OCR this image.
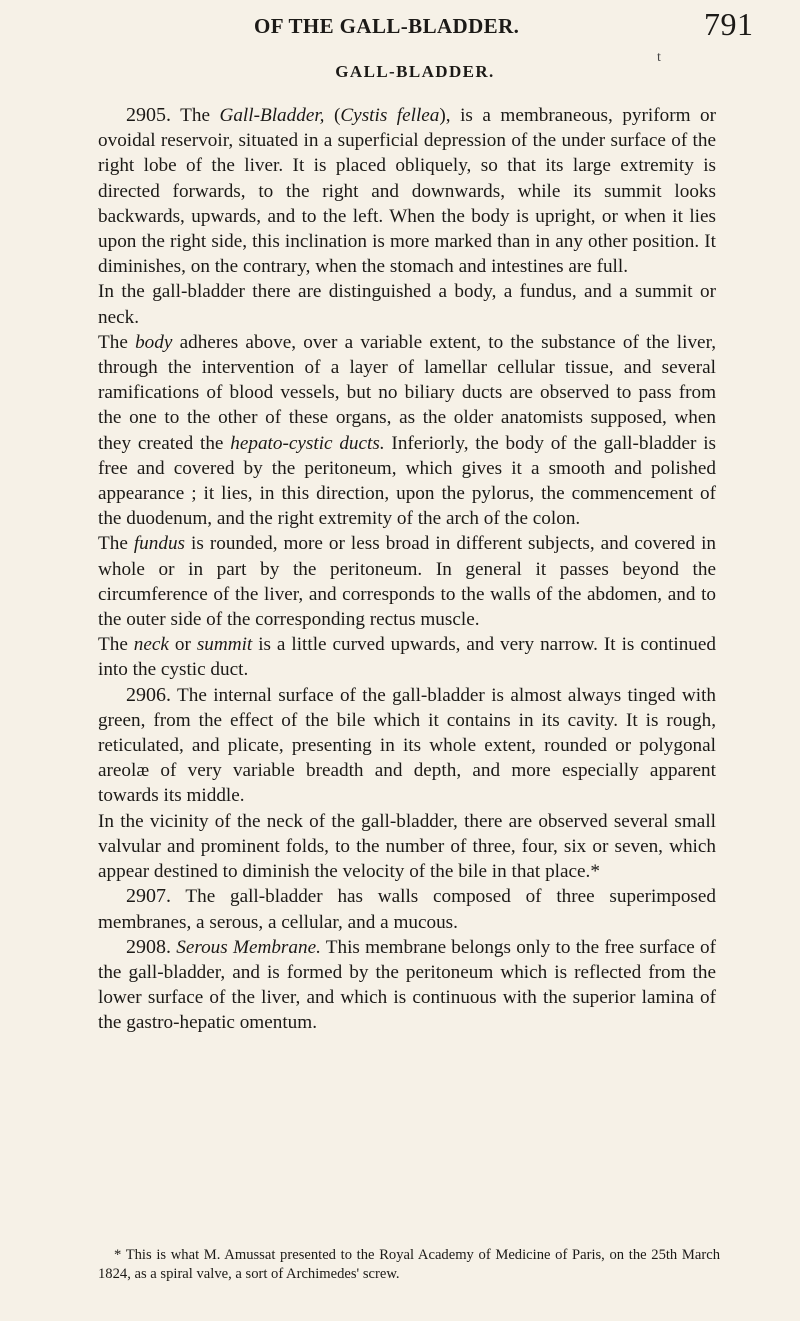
OF THE GALL-BLADDER.	791
t
GALL-BLADDER.

2905. The Gall-Bladder, (Cystis fellea), is a membraneous, pyriform or ovoidal reservoir, situated in a superficial depression of the under surface of the right lobe of the liver. It is placed obliquely, so that its large extremity is directed forwards, to the right and downwards, while its summit looks backwards, upwards, and to the left. When the body is upright, or when it lies upon the right side, this inclination is more marked than in any other position. It diminishes, on the contrary, when the stomach and intestines are full.

In the gall-bladder there are distinguished a body, a fundus, and a summit or neck.

The body adheres above, over a variable extent, to the substance of the liver, through the intervention of a layer of lamellar cellular tissue, and several ramifications of blood vessels, but no biliary ducts are observed to pass from the one to the other of these organs, as the older anatomists supposed, when they created the hepato-cystic ducts. Inferiorly, the body of the gall-bladder is free and covered by the peritoneum, which gives it a smooth and polished appearance ; it lies, in this direction, upon the pylorus, the commencement of the duodenum, and the right extremity of the arch of the colon.

The fundus is rounded, more or less broad in different subjects, and covered in whole or in part by the peritoneum. In general it passes beyond the circumference of the liver, and corresponds to the walls of the abdomen, and to the outer side of the corresponding rectus muscle.

The neck or summit is a little curved upwards, and very narrow. It is continued into the cystic duct.

2906. The internal surface of the gall-bladder is almost always tinged with green, from the effect of the bile which it contains in its cavity. It is rough, reticulated, and plicate, presenting in its whole extent, rounded or polygonal areolæ of very variable breadth and depth, and more especially apparent towards its middle.

In the vicinity of the neck of the gall-bladder, there are observed several small valvular and prominent folds, to the number of three, four, six or seven, which appear destined to diminish the velocity of the bile in that place.*

2907. The gall-bladder has walls composed of three superimposed membranes, a serous, a cellular, and a mucous.

2908. Serous Membrane. This membrane belongs only to the free surface of the gall-bladder, and is formed by the peritoneum which is reflected from the lower surface of the liver, and which is continuous with the superior lamina of the gastro-hepatic omentum.

* This is what M. Amussat presented to the Royal Academy of Medicine of Paris, on the 25th March 1824, as a spiral valve, a sort of Archimedes' screw.
